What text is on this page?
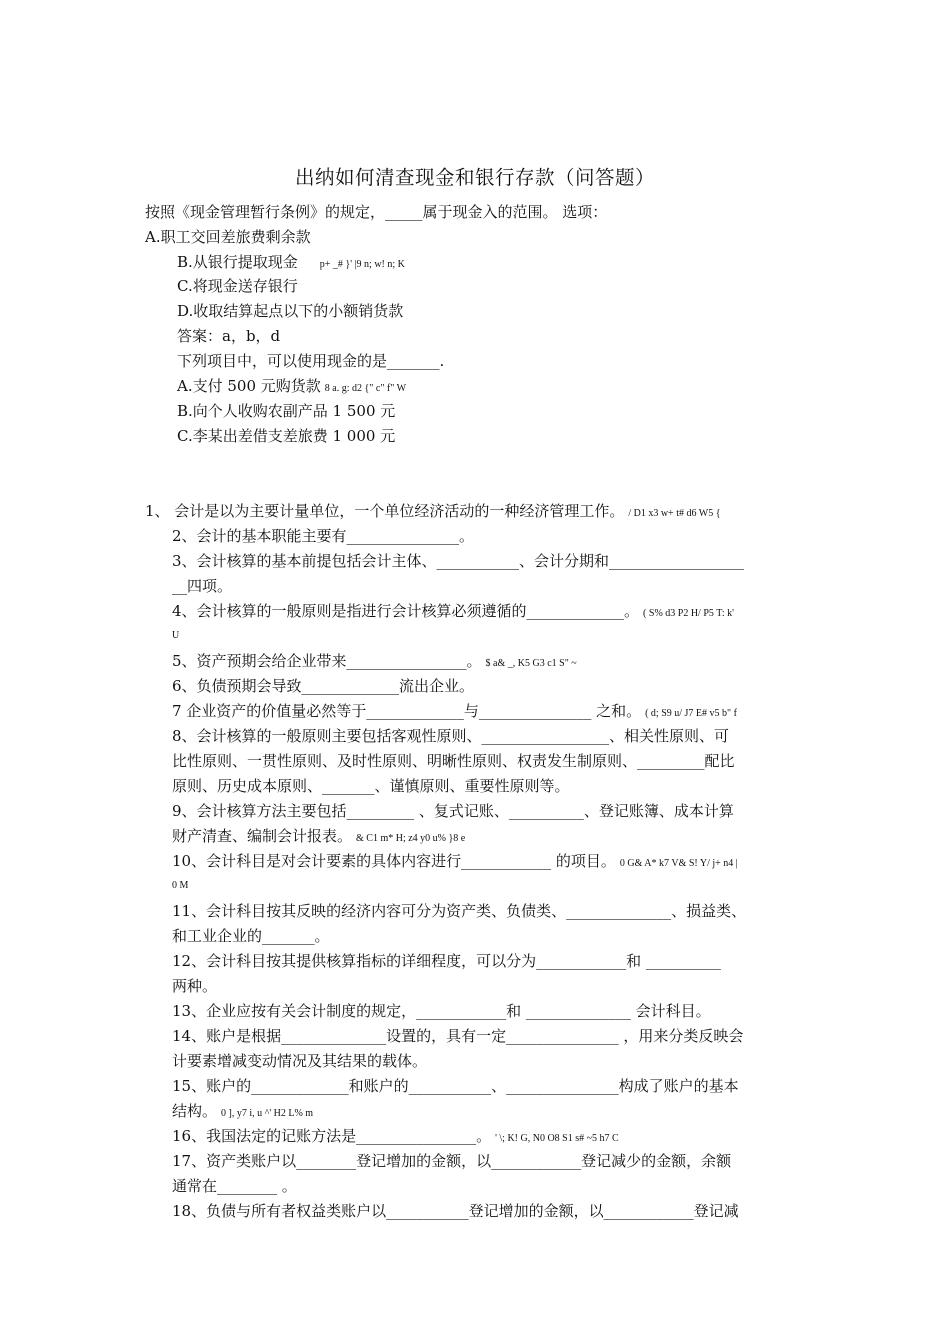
出纳如何清查现金和银行存款（问答题）
按照《现金管理暂行条例》的规定，_____属于现金入的范围。 选项：
A.职工交回差旅费剩余款
B.从银行提取现金 p+ _# }' |9 n; w! n; K
C.将现金送存银行
D.收取结算起点以下的小额销货款
答案：a，b，d
下列项目中，可以使用现金的是_______.
A.支付 500 元购货款 8 a. g: d2 {" c" f" W
B.向个人收购农副产品 1 500 元
C.李某出差借支差旅费 1 000 元
1、 会计是以为主要计量单位，一个单位经济活动的一种经济管理工作。 / D1 x3 w+ t# d6 W5 {
2、会计的基本职能主要有_______________。
3、会计核算的基本前提包括会计主体、___________、会计分期和__________________
__四项。
4、会计核算的一般原则是指进行会计核算必须遵循的_____________。 ( S% d3 P2 H/ P5 T: k'
U
5、资产预期会给企业带来________________。 $ a& _, K5 G3 c1 S" ~
6、负债预期会导致_____________流出企业。
7 企业资产的价值量必然等于_____________与_______________ 之和。 ( d; S9 u/ J7 E# v5 b" f
8、会计核算的一般原则主要包括客观性原则、_________________、相关性原则、可
比性原则、一贯性原则、及时性原则、明晰性原则、权责发生制原则、_________配比
原则、历史成本原则、_______、谨慎原则、重要性原则等。
9、会计核算方法主要包括_________ 、复式记账、__________、登记账簿、成本计算
财产清查、编制会计报表。 & C1 m* H; z4 y0 u% }8 e
10、会计科目是对会计要素的具体内容进行____________ 的项目。 0 G& A* k7 V& S! Y/ j+ n4 |
0 M
11、会计科目按其反映的经济内容可分为资产类、负债类、______________、损益类、
和工业企业的_______。
12、会计科目按其提供核算指标的详细程度，可以分为____________和 __________
两种。
13、企业应按有关会计制度的规定，____________和 ______________ 会计科目。
14、账户是根据______________设置的，具有一定_______________ ，用来分类反映会
计要素增减变动情况及其结果的载体。
15、账户的_____________和账户的___________、_______________构成了账户的基本
结构。 0 ], y7 i, u ^' H2 L% m
16、我国法定的记账方法是________________。 ' \; K! G, N0 O8 S1 s# ~5 h7 C
17、资产类账户以________登记增加的金额，以____________登记减少的金额，余额
通常在________ 。
18、负债与所有者权益类账户以___________登记增加的金额，以____________登记减
